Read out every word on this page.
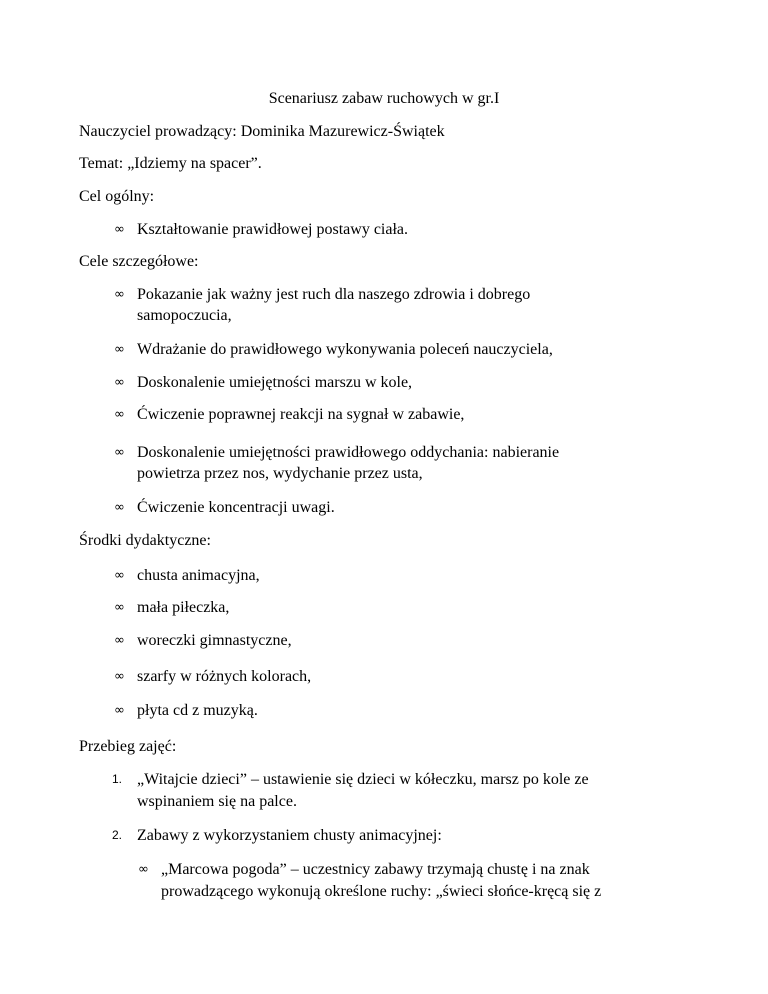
Scenariusz zabaw ruchowych w gr.I
Nauczyciel prowadzący: Dominika Mazurewicz-Świątek
Temat: „Idziemy na spacer”.
Cel ogólny:
∞ Kształtowanie prawidłowej postawy ciała.
Cele szczegółowe:
∞ Pokazanie jak ważny jest ruch dla naszego zdrowia i dobrego
samopoczucia,
∞ Wdrażanie do prawidłowego wykonywania poleceń nauczyciela,
∞ Doskonalenie umiejętności marszu w kole,
∞ Ćwiczenie poprawnej reakcji na sygnał w zabawie,
∞ Doskonalenie umiejętności prawidłowego oddychania: nabieranie
powietrza przez nos, wydychanie przez usta,
∞ Ćwiczenie koncentracji uwagi.
Środki dydaktyczne:
∞ chusta animacyjna,
∞ mała piłeczka,
∞ woreczki gimnastyczne,
∞ szarfy w różnych kolorach,
∞ płyta cd z muzyką.
Przebieg zajęć:
1. „Witajcie dzieci” – ustawienie się dzieci w kółeczku, marsz po kole ze
wspinaniem się na palce.
2. Zabawy z wykorzystaniem chusty animacyjnej:
∞ „Marcowa pogoda” – uczestnicy zabawy trzymają chustę i na znak
prowadzącego wykonują określone ruchy: „świeci słońce-kręcą się z
